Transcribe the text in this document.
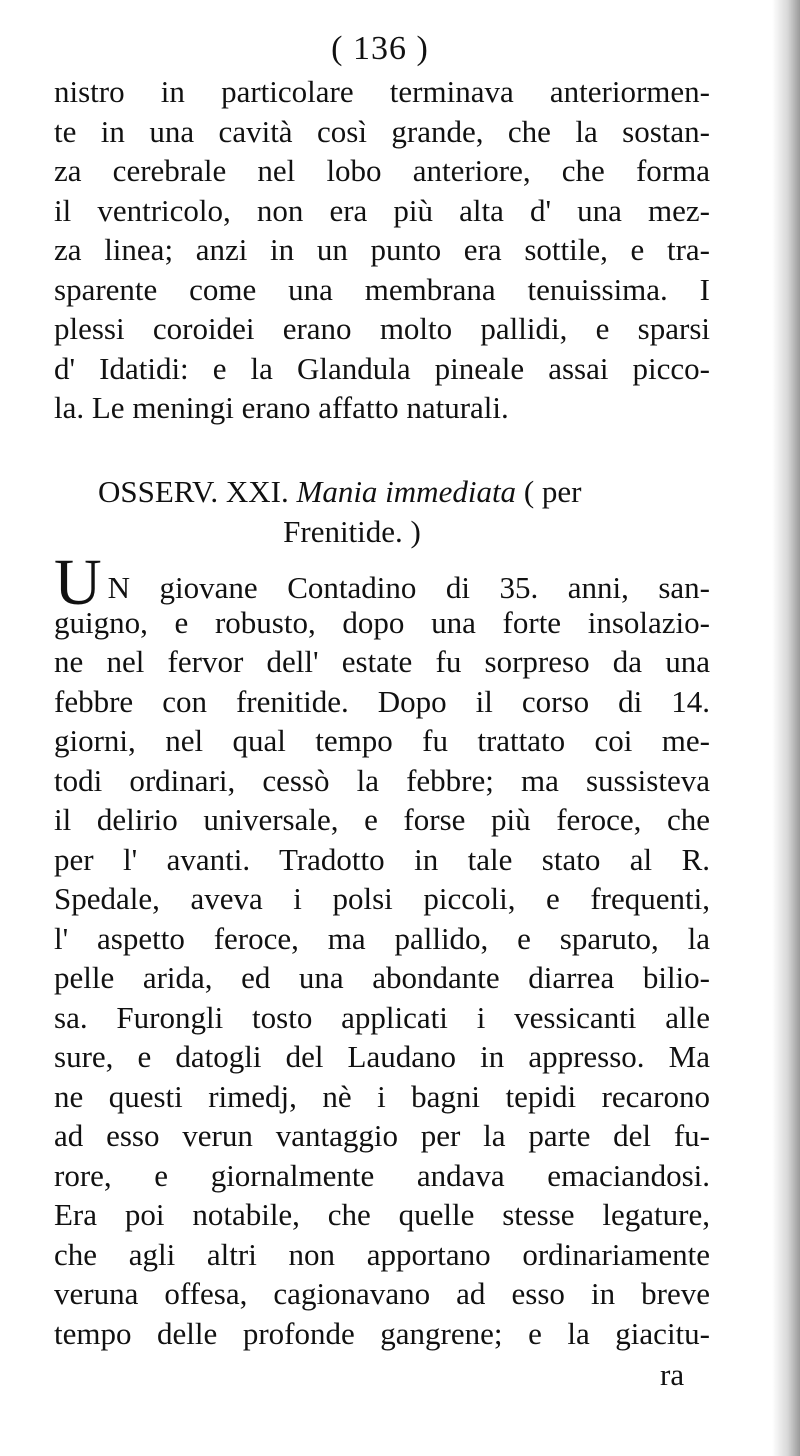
( 136 )
nistro in particolare terminava anteriormen-
te in una cavità così grande, che la sostan-
za cerebrale nel lobo anteriore, che forma
il ventricolo, non era più alta d' una mez-
za linea; anzi in un punto era sottile, e tra-
sparente come una membrana tenuissima. I
plessi coroidei erano molto pallidi, e sparsi
d' Idatidi: e la Glandula pineale assai picco-
la. Le meningi erano affatto naturali.
OSSERV. XXI. Mania immediata ( per
Frenitide. )
U N giovane Contadino di 35. anni, san-
guigno, e robusto, dopo una forte insolazio-
ne nel fervor dell' estate fu sorpreso da una
febbre con frenitide. Dopo il corso di 14.
giorni, nel qual tempo fu trattato coi me-
todi ordinari, cessò la febbre; ma sussisteva
il delirio universale, e forse più feroce, che
per l' avanti. Tradotto in tale stato al R.
Spedale, aveva i polsi piccoli, e frequenti,
l' aspetto feroce, ma pallido, e sparuto, la
pelle arida, ed una abondante diarrea bilio-
sa. Furongli tosto applicati i vessicanti alle
sure, e datogli del Laudano in appresso. Ma
ne questi rimedj, nè i bagni tepidi recarono
ad esso verun vantaggio per la parte del fu-
rore, e giornalmente andava emaciandosi.
Era poi notabile, che quelle stesse legature,
che agli altri non apportano ordinariamente
veruna offesa, cagionavano ad esso in breve
tempo delle profonde gangrene; e la giacitu-
ra
